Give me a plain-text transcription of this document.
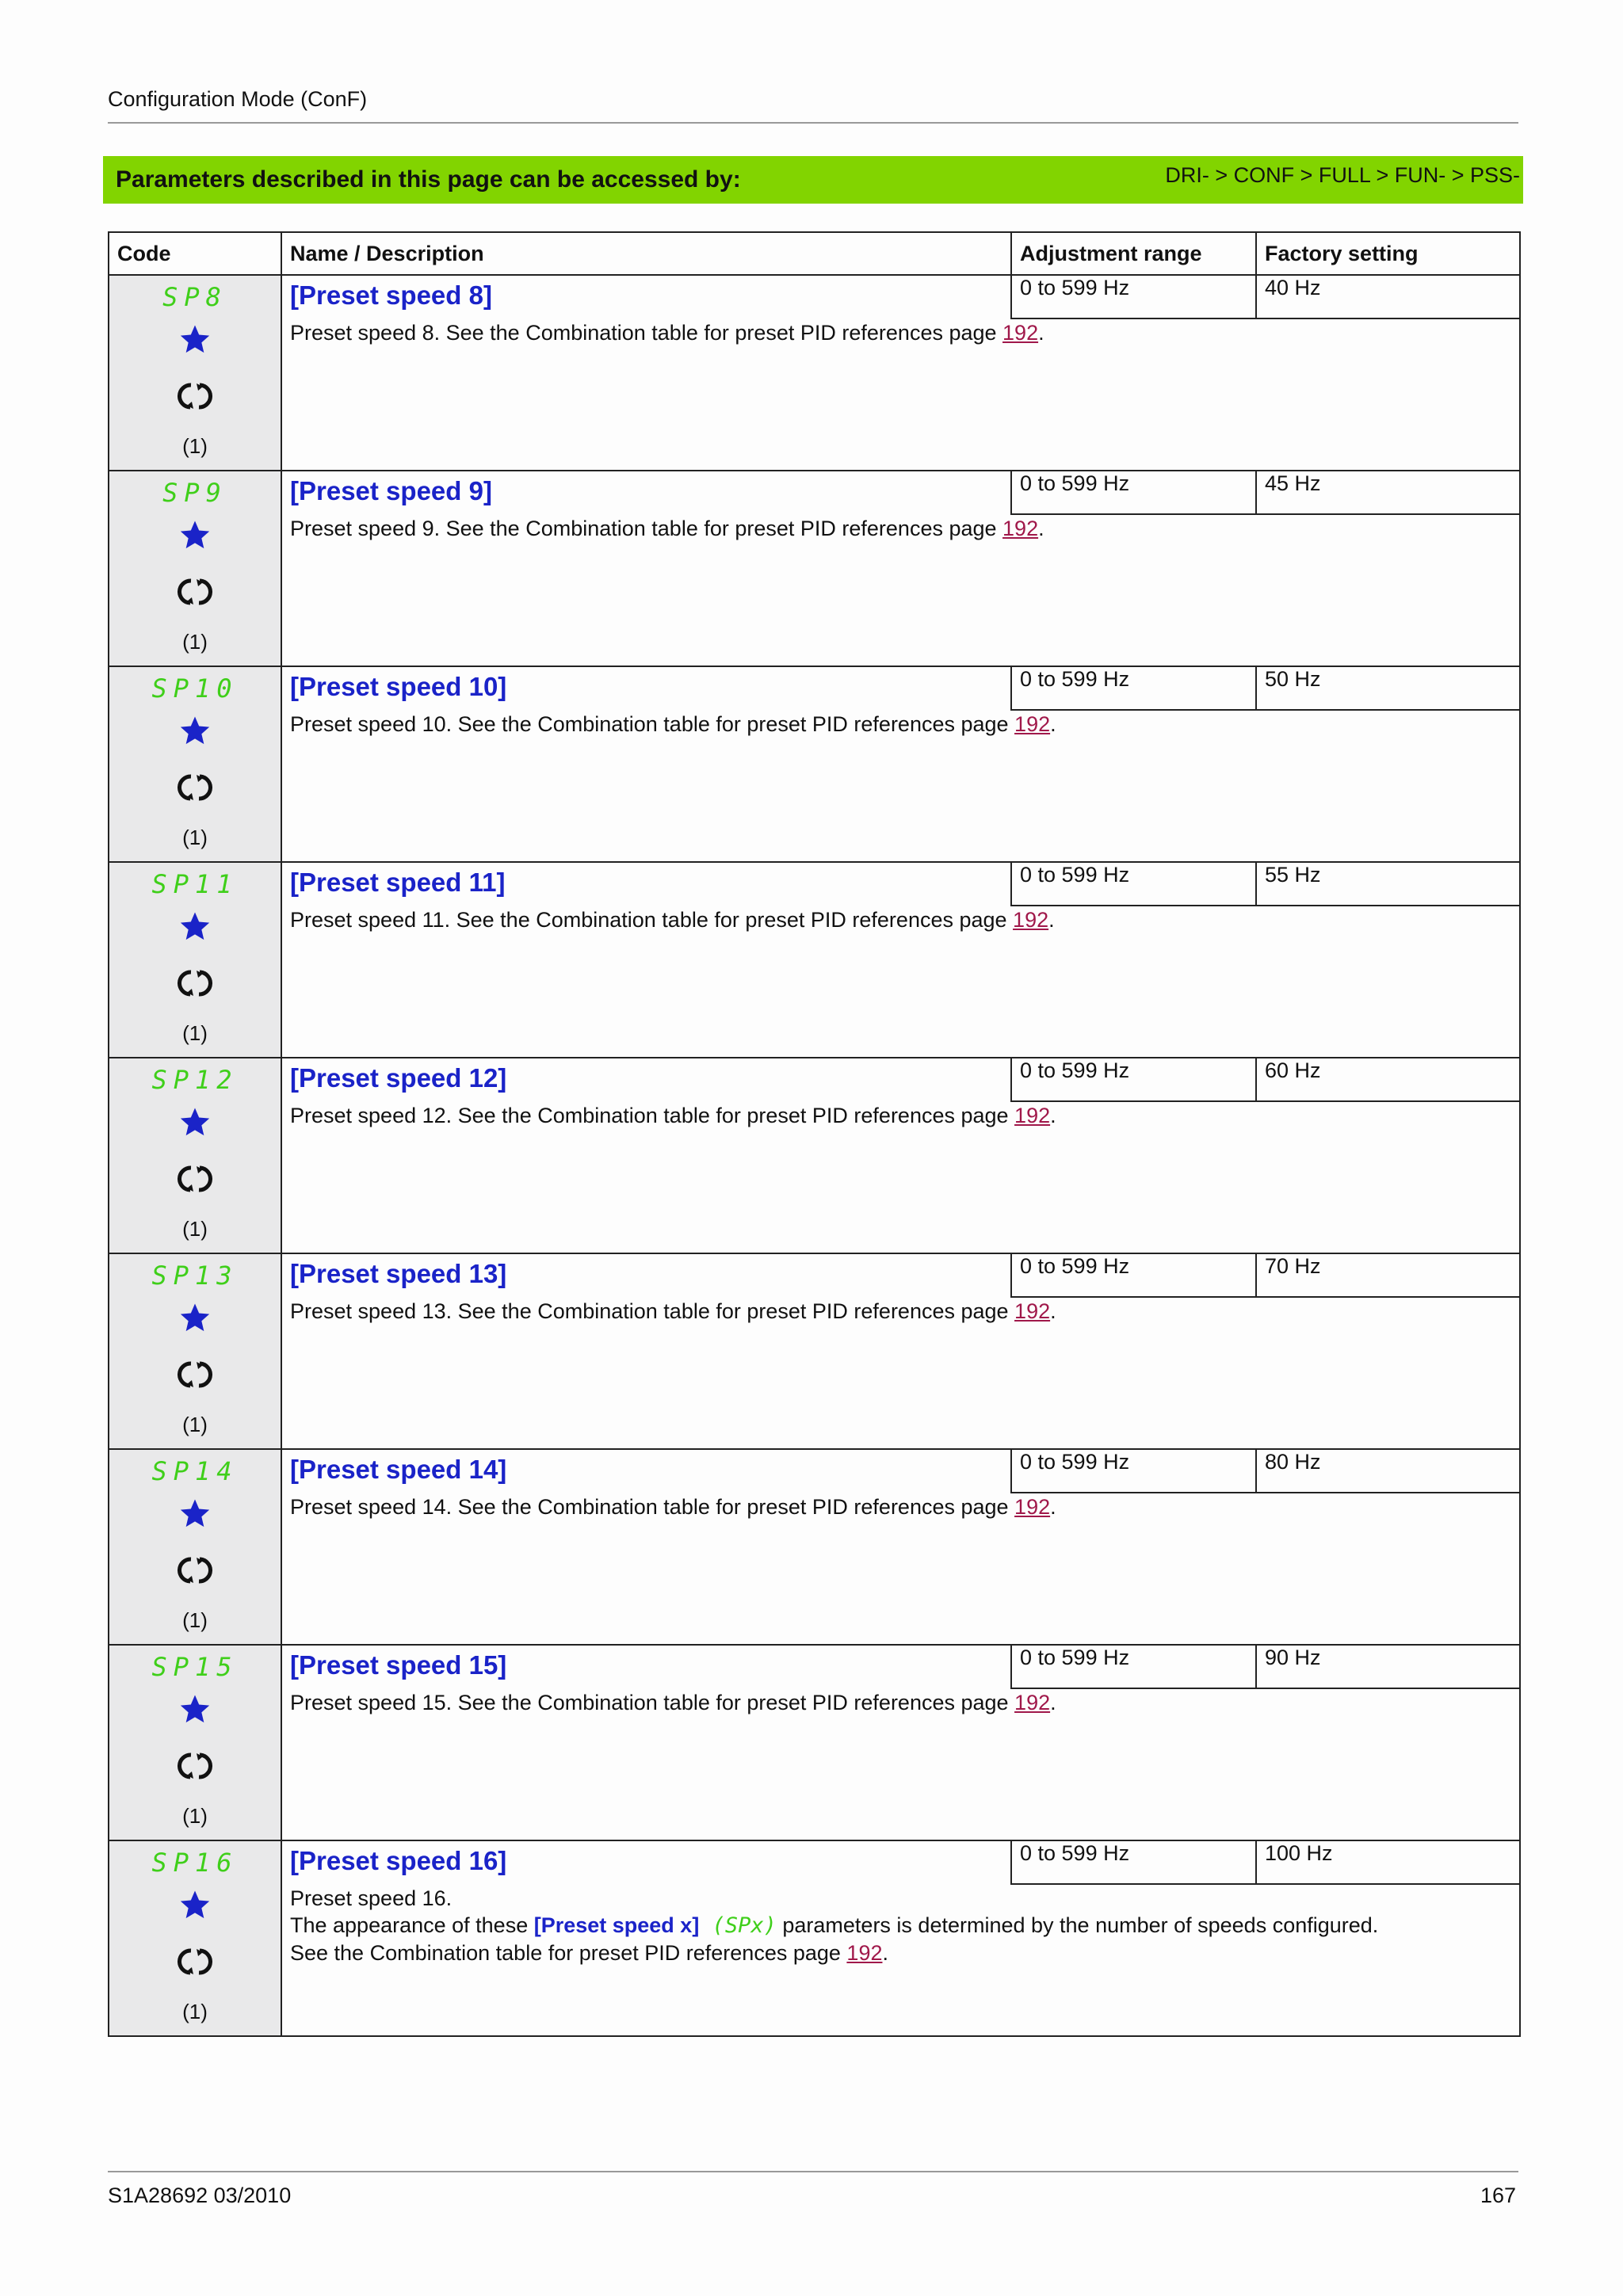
Configuration Mode (ConF)
Parameters described in this page can be accessed by:	DRI- > CONF > FULL > FUN- > PSS-
Code	Name / Description	Adjustment range	Factory setting

SP8
(1)	[Preset speed 8]	0 to 599 Hz	40 Hz
	Preset speed 8. See the Combination table for preset PID references page 192.		

SP9
(1)	[Preset speed 9]	0 to 599 Hz	45 Hz
	Preset speed 9. See the Combination table for preset PID references page 192.		

SP10
(1)	[Preset speed 10]	0 to 599 Hz	50 Hz
	Preset speed 10. See the Combination table for preset PID references page 192.		

SP11
(1)	[Preset speed 11]	0 to 599 Hz	55 Hz
	Preset speed 11. See the Combination table for preset PID references page 192.		

SP12
(1)	[Preset speed 12]	0 to 599 Hz	60 Hz
	Preset speed 12. See the Combination table for preset PID references page 192.		

SP13
(1)	[Preset speed 13]	0 to 599 Hz	70 Hz
	Preset speed 13. See the Combination table for preset PID references page 192.		

SP14
(1)	[Preset speed 14]	0 to 599 Hz	80 Hz
	Preset speed 14. See the Combination table for preset PID references page 192.		

SP15
(1)	[Preset speed 15]	0 to 599 Hz	90 Hz
	Preset speed 15. See the Combination table for preset PID references page 192.		

SP16
(1)	[Preset speed 16]	0 to 599 Hz	100 Hz

	Preset speed 16.
The appearance of these [Preset speed x] (SPx) parameters is determined by the number of speeds configured.
See the Combination table for preset PID references page 192.		
S1A28692 03/2010	167
